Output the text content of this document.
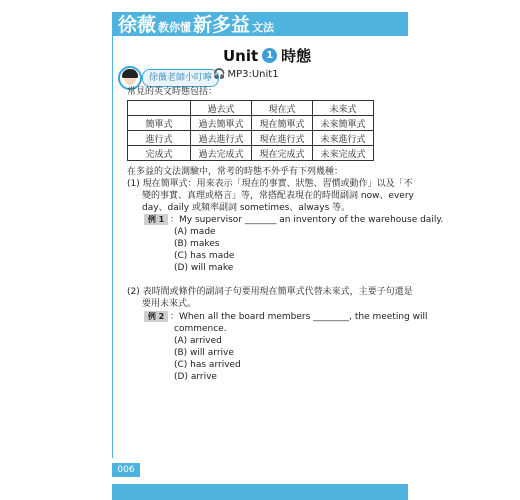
徐薇 教你懂 新多益 文法
Unit 1 時態
徐薇老師小叮嚀 🎧 MP3:Unit1
常見的英文時態包括：
	過去式	現在式	未來式
簡單式	過去簡單式	現在簡單式	未來簡單式
進行式	過去進行式	現在進行式	未來進行式
完成式	過去完成式	現在完成式	未來完成式
在多益的文法測驗中，常考的時態不外乎有下列幾種：
(1) 現在簡單式：用來表示「現在的事實、狀態、習慣或動作」以及「不
變的事實、真理或格言」等，常搭配表現在的時間副詞 now、every
day、daily 或頻率副詞 sometimes、always 等。
例 1 ：My supervisor _______ an inventory of the warehouse daily.
(A) made
(B) makes
(C) has made
(D) will make
(2) 表時間或條件的副詞子句要用現在簡單式代替未來式，主要子句還是
要用未來式。
例 2 ：When all the board members ________, the meeting will
commence.
(A) arrived
(B) will arrive
(C) has arrived
(D) arrive
006
